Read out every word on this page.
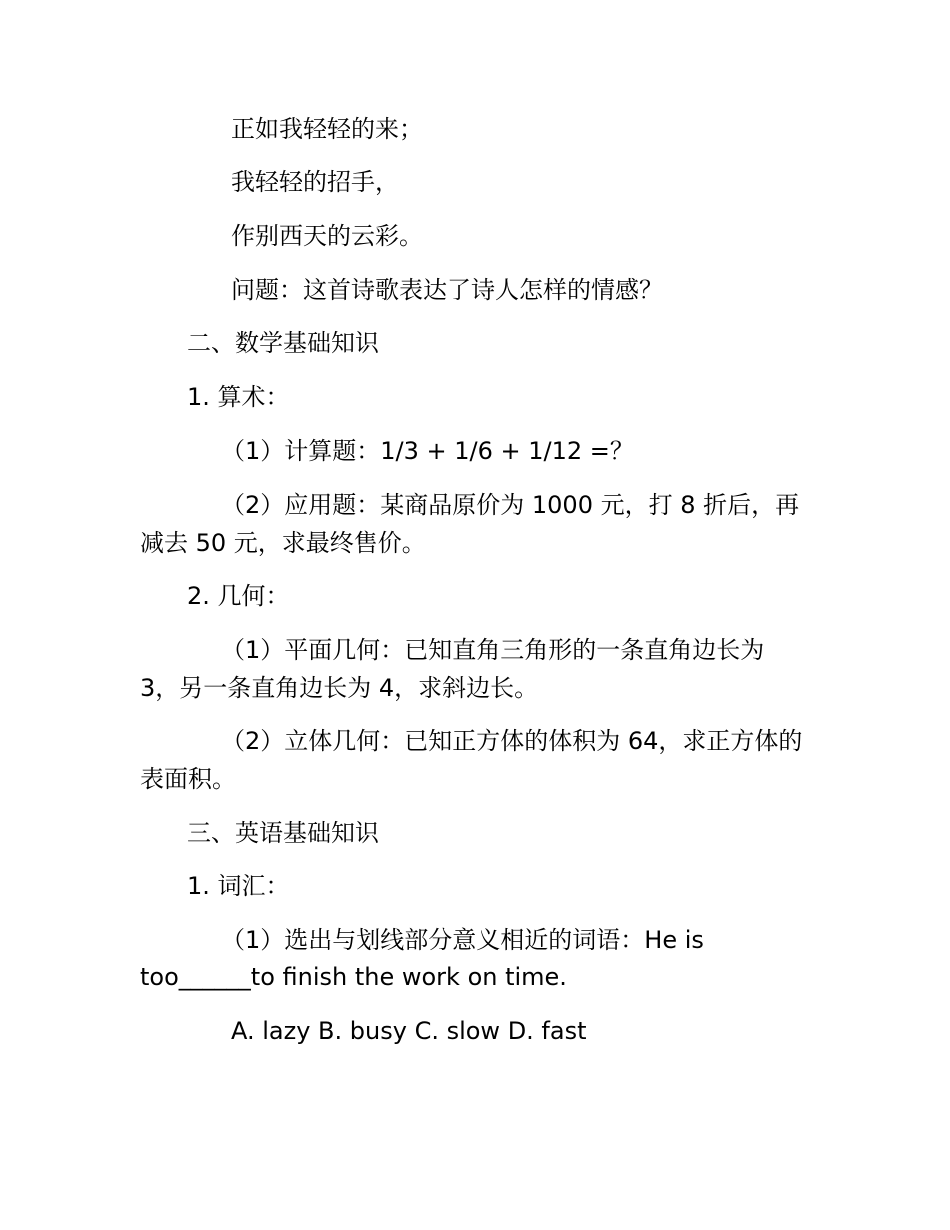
正如我轻轻的来；
我轻轻的招手，
作别西天的云彩。
问题：这首诗歌表达了诗人怎样的情感？
二、数学基础知识
1. 算术：
（1）计算题：1/3 + 1/6 + 1/12 =？
（2）应用题：某商品原价为 1000 元，打 8 折后，再
减去 50 元，求最终售价。
2. 几何：
（1）平面几何：已知直角三角形的一条直角边长为
3，另一条直角边长为 4，求斜边长。
（2）立体几何：已知正方体的体积为 64，求正方体的
表面积。
三、英语基础知识
1. 词汇：
（1）选出与划线部分意义相近的词语：He is
too______to finish the work on time.
A. lazy B. busy C. slow D. fast
